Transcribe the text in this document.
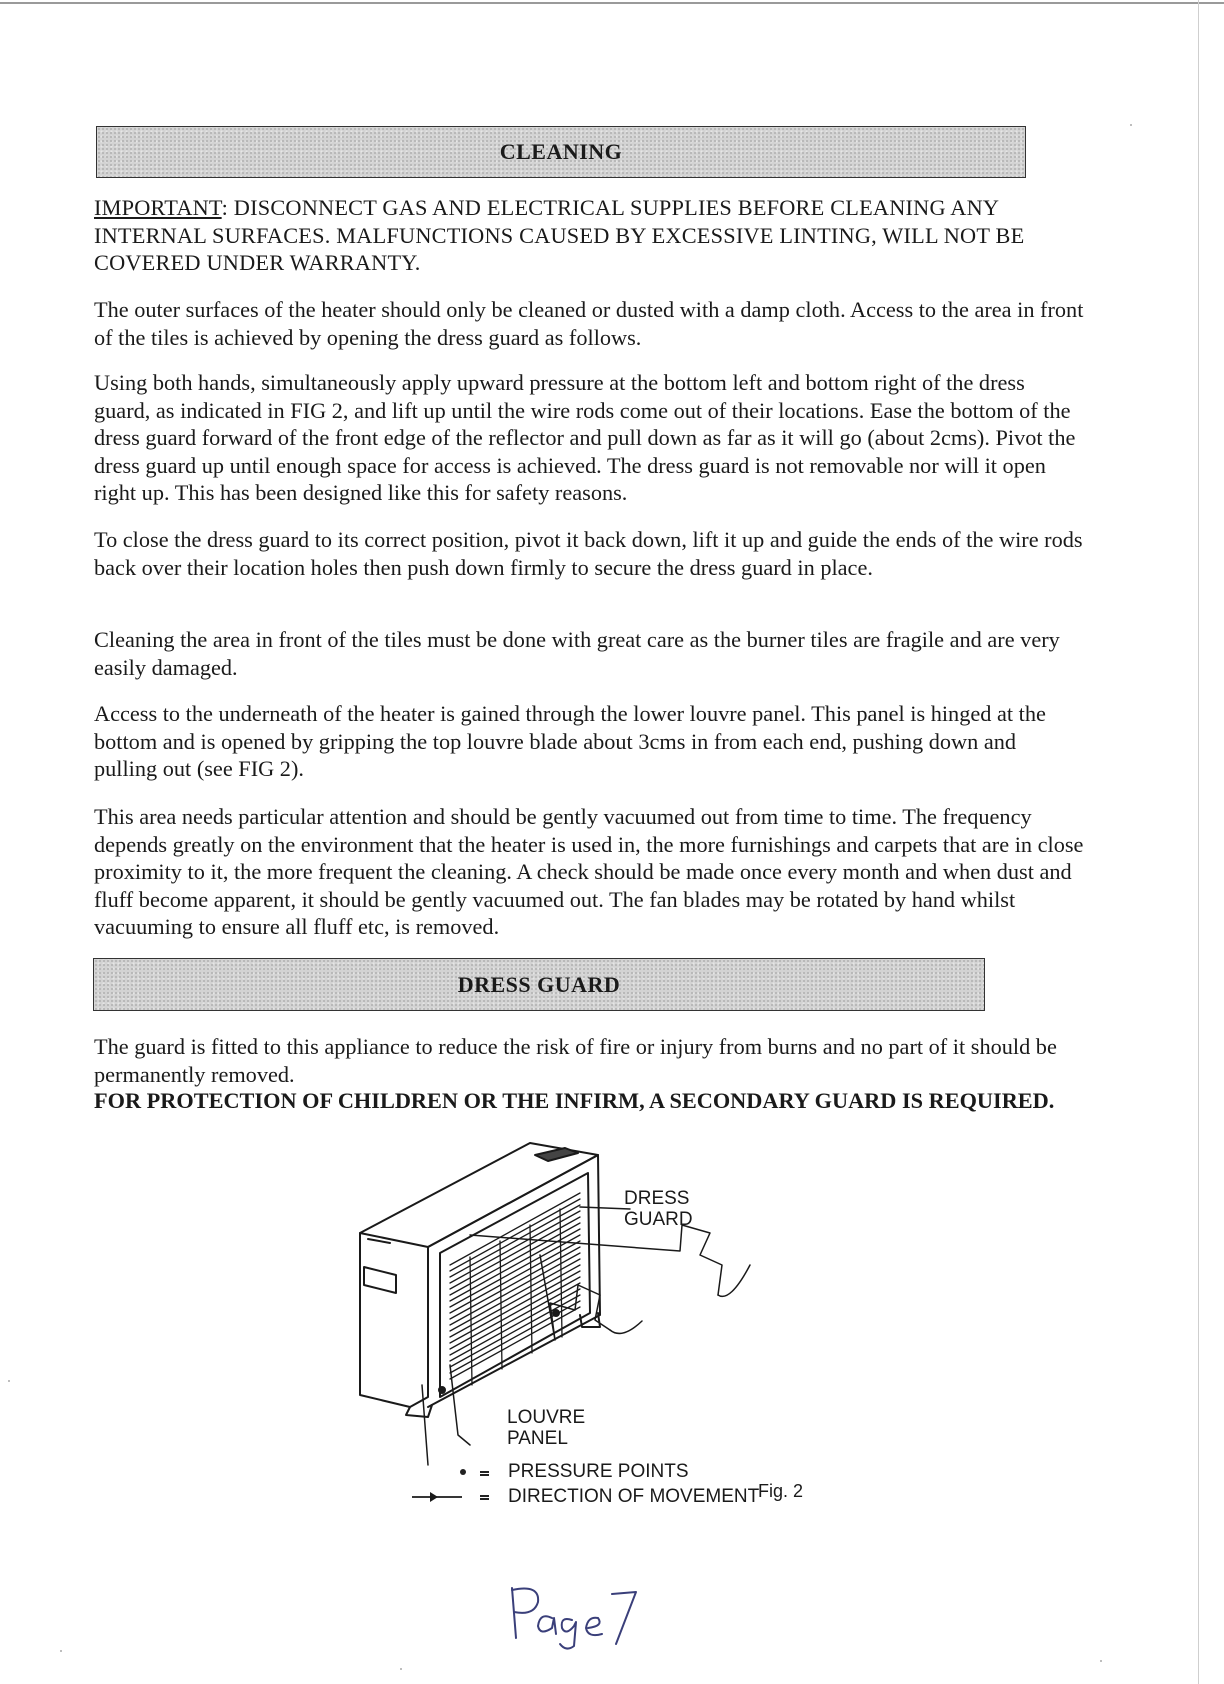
CLEANING

IMPORTANT: DISCONNECT GAS AND ELECTRICAL SUPPLIES BEFORE CLEANING ANY INTERNAL SURFACES. MALFUNCTIONS CAUSED BY EXCESSIVE LINTING, WILL NOT BE COVERED UNDER WARRANTY.

The outer surfaces of the heater should only be cleaned or dusted with a damp cloth. Access to the area in front of the tiles is achieved by opening the dress guard as follows.

Using both hands, simultaneously apply upward pressure at the bottom left and bottom right of the dress guard, as indicated in FIG 2, and lift up until the wire rods come out of their locations. Ease the bottom of the dress guard forward of the front edge of the reflector and pull down as far as it will go (about 2cms). Pivot the dress guard up until enough space for access is achieved. The dress guard is not removable nor will it open right up. This has been designed like this for safety reasons.

To close the dress guard to its correct position, pivot it back down, lift it up and guide the ends of the wire rods back over their location holes then push down firmly to secure the dress guard in place.

Cleaning the area in front of the tiles must be done with great care as the burner tiles are fragile and are very easily damaged.

Access to the underneath of the heater is gained through the lower louvre panel. This panel is hinged at the bottom and is opened by gripping the top louvre blade about 3cms in from each end, pushing down and pulling out (see FIG 2).

This area needs particular attention and should be gently vacuumed out from time to time. The frequency depends greatly on the environment that the heater is used in, the more furnishings and carpets that are in close proximity to it, the more frequent the cleaning. A check should be made once every month and when dust and fluff become apparent, it should be gently vacuumed out. The fan blades may be rotated by hand whilst vacuuming to ensure all fluff etc, is removed.

DRESS GUARD

The guard is fitted to this appliance to reduce the risk of fire or injury from burns and no part of it should be permanently removed.

FOR PROTECTION OF CHILDREN OR THE INFIRM, A SECONDARY GUARD IS REQUIRED.

DRESS
GUARD
LOUVRE
PANEL
PRESSURE POINTS
DIRECTION OF MOVEMENT
Fig. 2
